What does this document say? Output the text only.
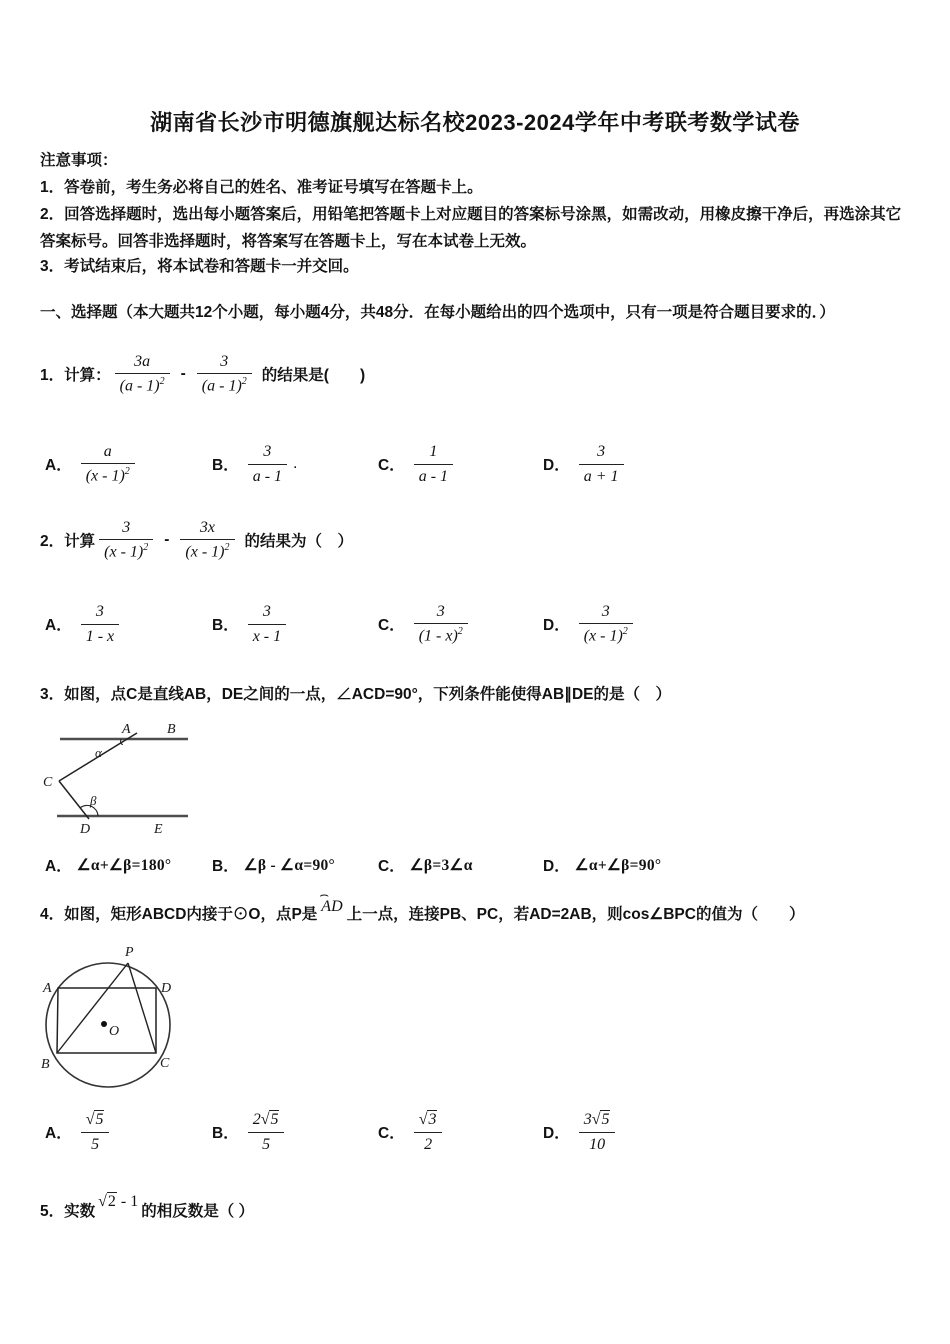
湖南省长沙市明德旗舰达标名校2023-2024学年中考联考数学试卷
注意事项：
1．答卷前，考生务必将自己的姓名、准考证号填写在答题卡上。
2．回答选择题时，选出每小题答案后，用铅笔把答题卡上对应题目的答案标号涂黑，如需改动，用橡皮擦干净后，再选涂其它答案标号。回答非选择题时，将答案写在答题卡上，写在本试卷上无效。
3．考试结束后，将本试卷和答题卡一并交回。
一、选择题（本大题共12个小题，每小题4分，共48分．在每小题给出的四个选项中，只有一项是符合题目要求的．）
1． 计算： $\frac{3a}{(a - 1)^2} - \frac{3}{(a - 1)^2}$ 的结果是(　　)
A． $\frac{a}{(x - 1)^2}$	B． $\frac{3}{a - 1}$ .	C． $\frac{1}{a - 1}$	D． $\frac{3}{a + 1}$
2． 计算 $\frac{3}{(x - 1)^2} - \frac{3x}{(x - 1)^2}$ 的结果为（　）
A． $\frac{3}{1 - x}$	B． $\frac{3}{x - 1}$	C． $\frac{3}{(1 - x)^2}$	D． $\frac{3}{(x - 1)^2}$
3．如图，点C是直线AB，DE之间的一点，∠ACD=90°，下列条件能使得AB∥DE的是（　）
A	B
C
D	E
α
β
A． ∠α+∠β=180°	B． ∠β - ∠α=90°	C． ∠β=3∠α	D． ∠α+∠β=90°
4． 如图，矩形ABCD内接于⊙O，点P是
⌢
AD 上一点，连接PB、PC，若AD=2AB，则cos∠BPC的值为（　　）
P
A	D
B	C
O
A． $\frac{√5}{5}$	B． $\frac{2√5}{5}$	C． $\frac{√3}{2}$	D． $\frac{3√5}{10}$
5． 实数
√2 - 1
的相反数是（ ）
